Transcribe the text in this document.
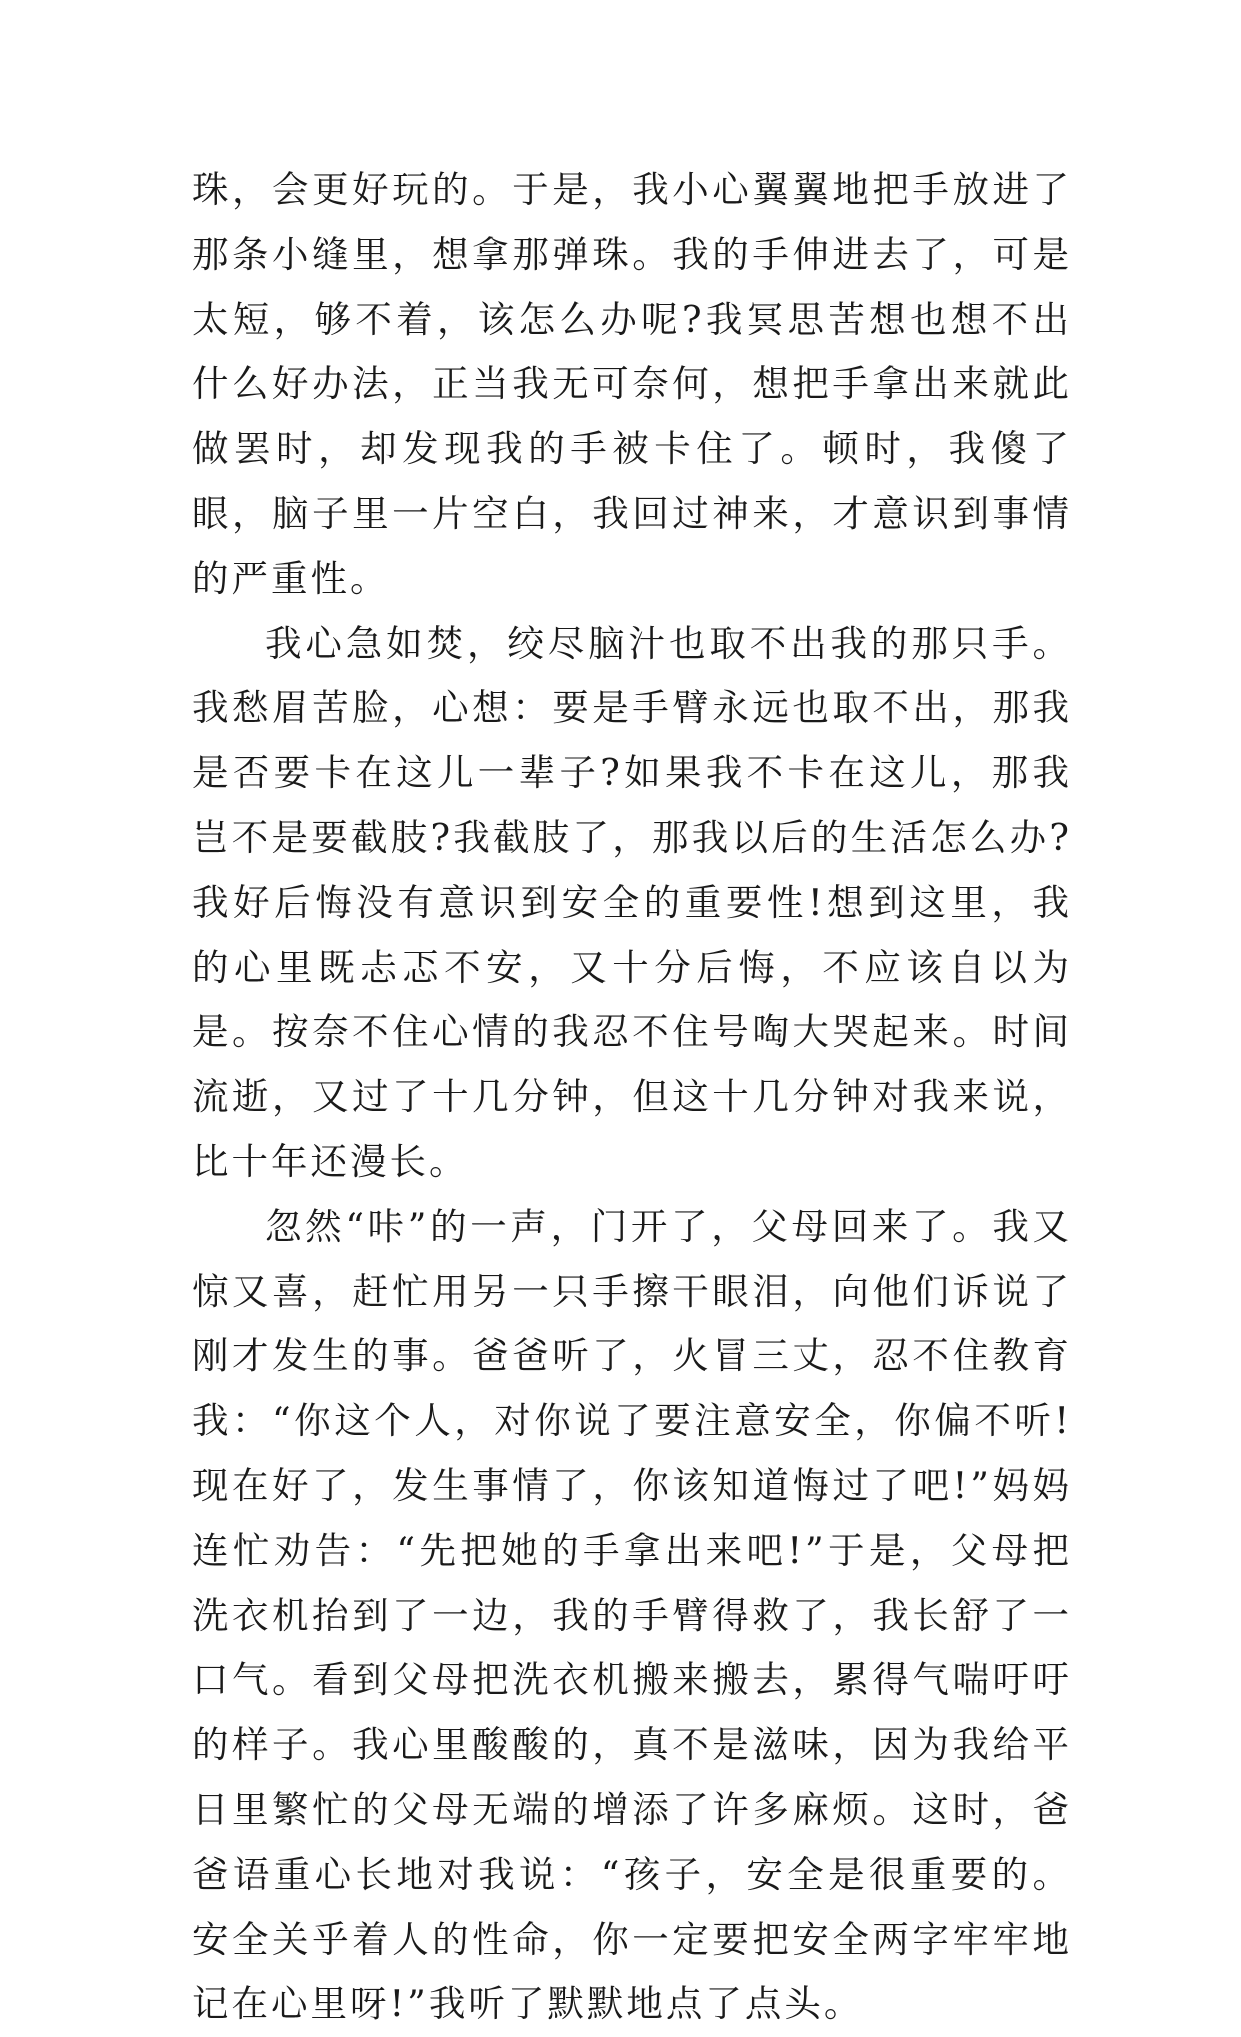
珠，会更好玩的。于是，我小心翼翼地把手放进了那条小缝里，想拿那弹珠。我的手伸进去了，可是太短，够不着，该怎么办呢?我冥思苦想也想不出什么好办法，正当我无可奈何，想把手拿出来就此做罢时，却发现我的手被卡住了。顿时，我傻了眼，脑子里一片空白，我回过神来，才意识到事情的严重性。

我心急如焚，绞尽脑汁也取不出我的那只手。我愁眉苦脸，心想：要是手臂永远也取不出，那我是否要卡在这儿一辈子?如果我不卡在这儿，那我岂不是要截肢?我截肢了，那我以后的生活怎么办?我好后悔没有意识到安全的重要性!想到这里，我的心里既忐忑不安，又十分后悔，不应该自以为是。按奈不住心情的我忍不住号啕大哭起来。时间流逝，又过了十几分钟，但这十几分钟对我来说，比十年还漫长。

忽然“咔”的一声，门开了，父母回来了。我又惊又喜，赶忙用另一只手擦干眼泪，向他们诉说了刚才发生的事。爸爸听了，火冒三丈，忍不住教育我：“你这个人，对你说了要注意安全，你偏不听!现在好了，发生事情了，你该知道悔过了吧!”妈妈连忙劝告：“先把她的手拿出来吧!”于是，父母把洗衣机抬到了一边，我的手臂得救了，我长舒了一口气。看到父母把洗衣机搬来搬去，累得气喘吁吁的样子。我心里酸酸的，真不是滋味，因为我给平日里繁忙的父母无端的增添了许多麻烦。这时，爸爸语重心长地对我说：“孩子，安全是很重要的。安全关乎着人的性命，你一定要把安全两字牢牢地记在心里呀!”我听了默默地点了点头。
